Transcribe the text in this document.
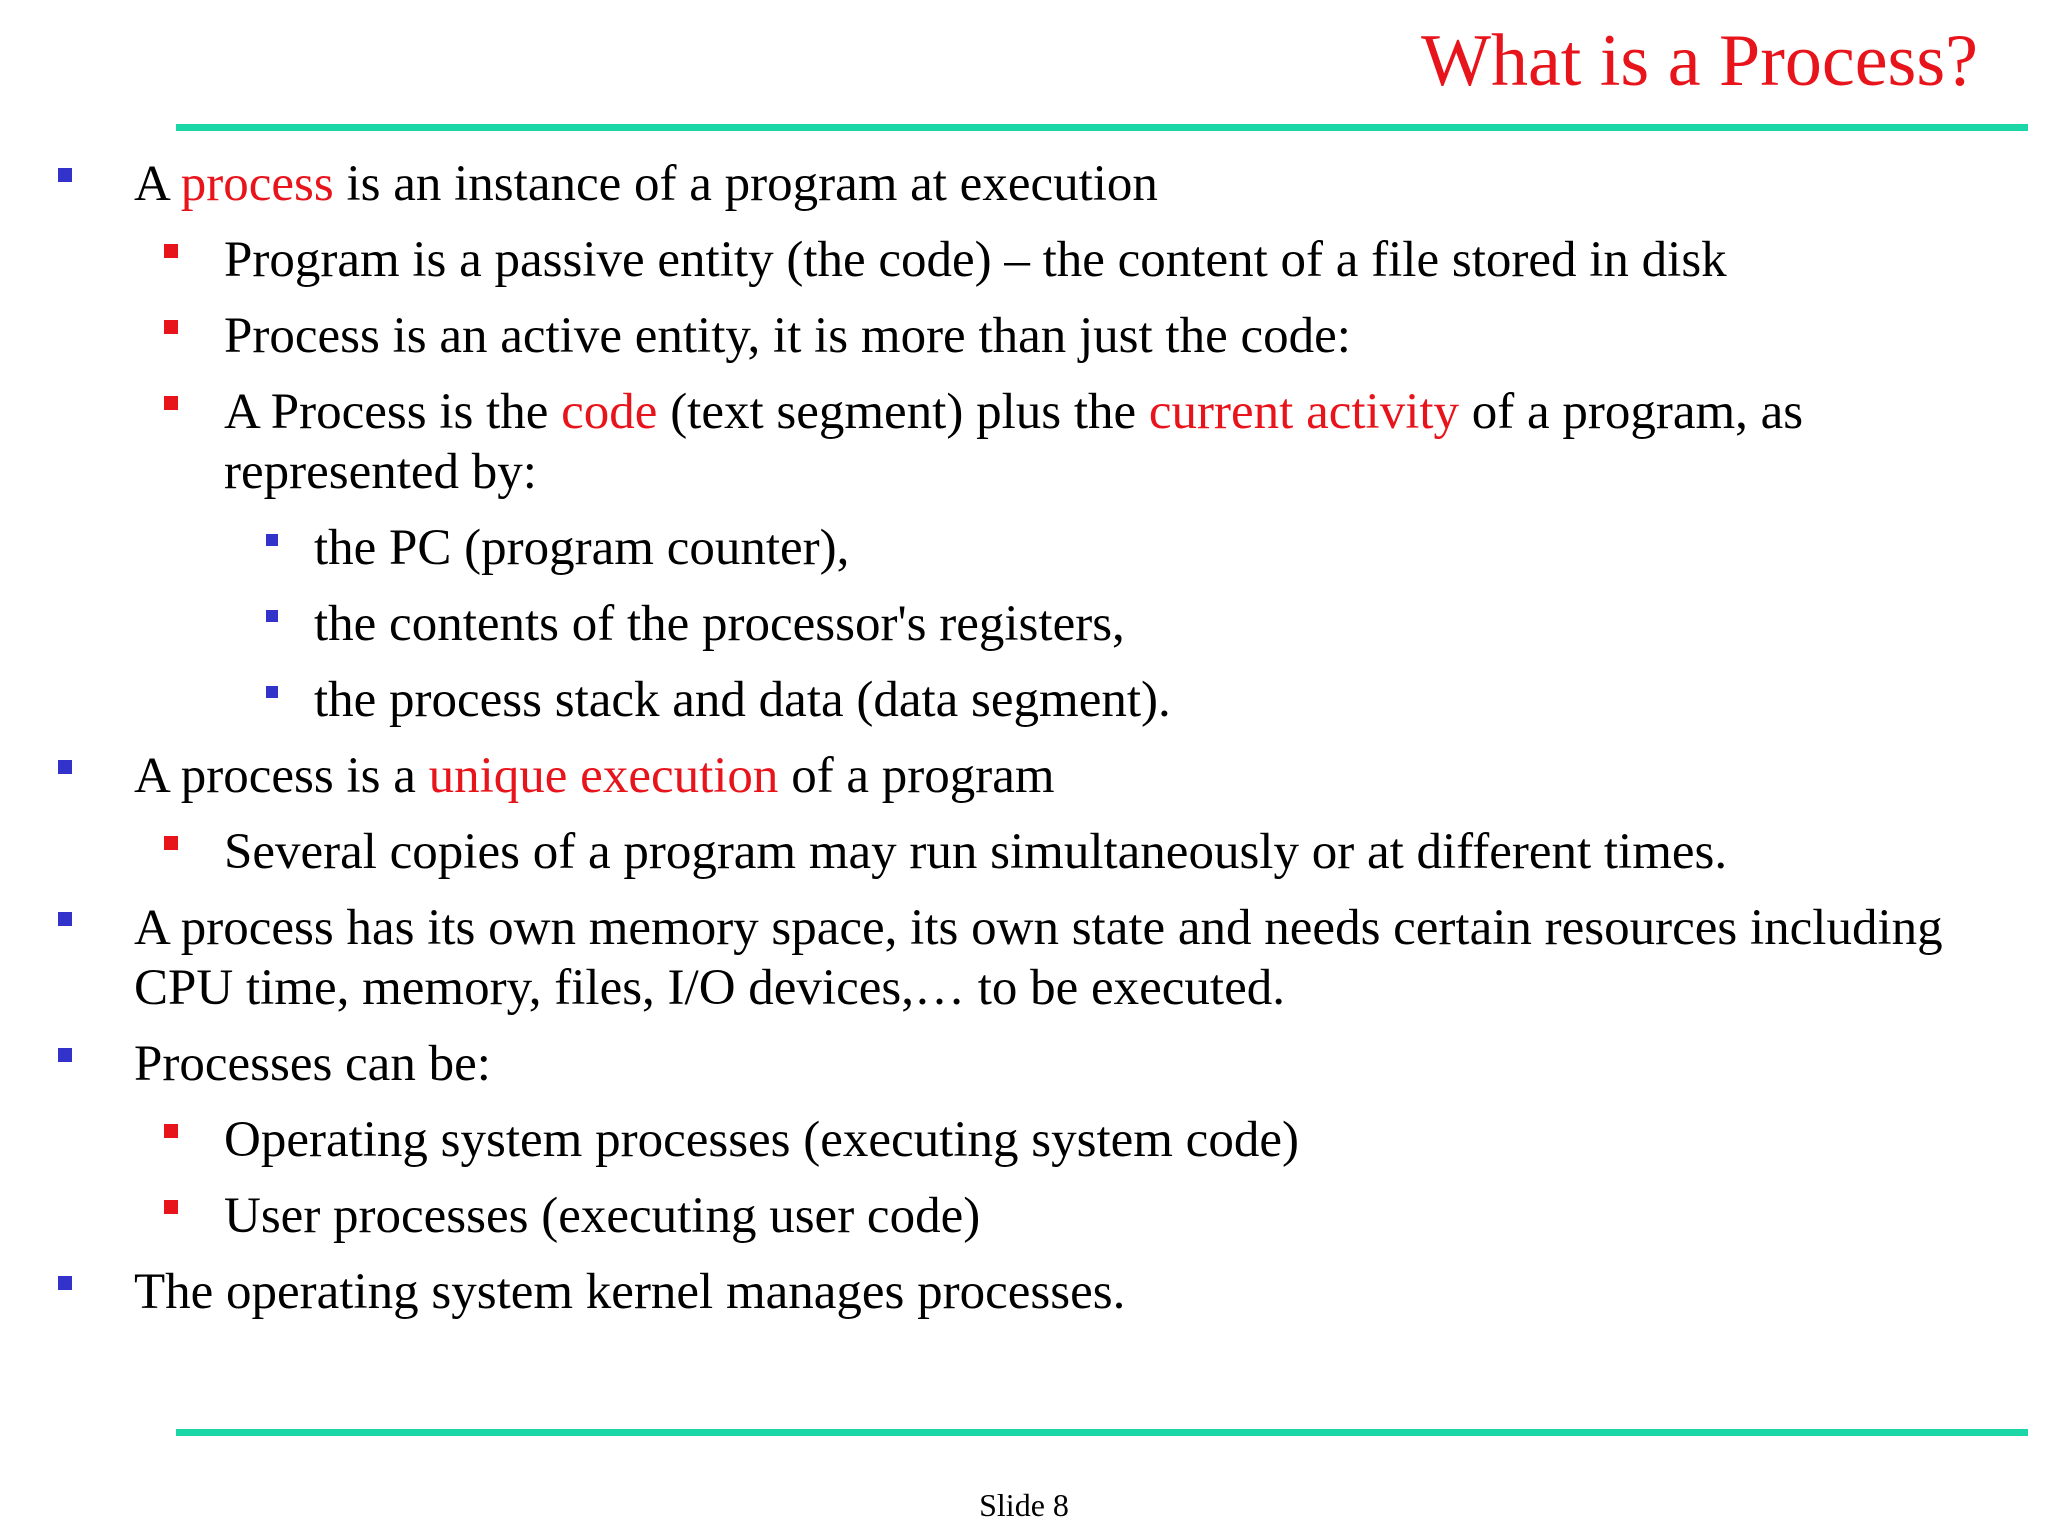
What is a Process?
A process is an instance of a program at execution
Program is a passive entity (the code) – the content of a file stored in disk
Process is an active entity, it is more than just the code:
A Process is the code (text segment) plus the current activity of a program, as represented by:
the PC (program counter),
the contents of the processor's registers,
the process stack and data (data segment).
A process is a unique execution of a program
Several copies of a program may run simultaneously or at different times.
A process has its own memory space, its own state and needs certain resources including CPU time, memory, files, I/O devices,… to be executed.
Processes can be:
Operating system processes (executing system code)
User processes (executing user code)
The operating system kernel manages processes.
Slide 8
